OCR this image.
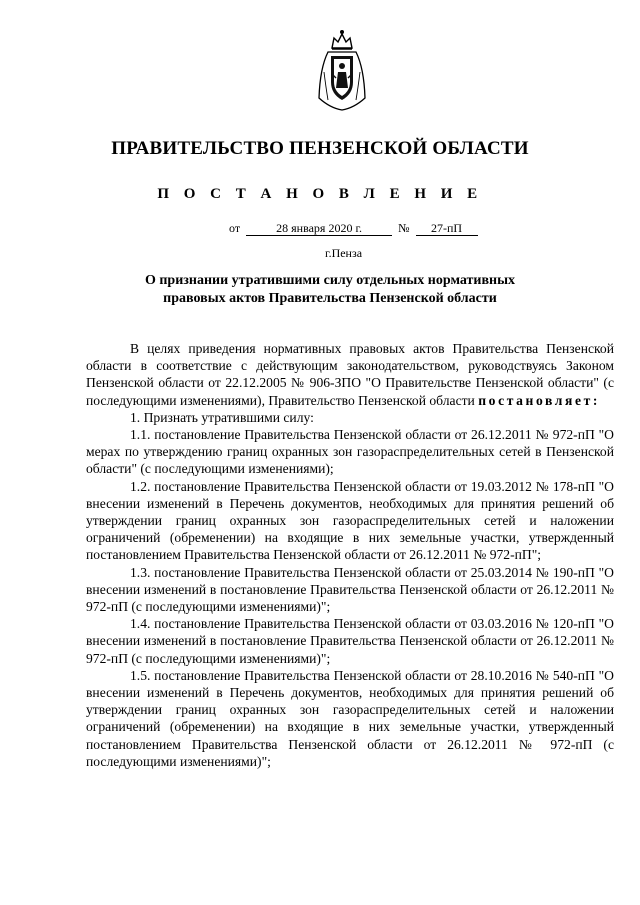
ПРАВИТЕЛЬСТВО ПЕНЗЕНСКОЙ ОБЛАСТИ
П О С Т А Н О В Л Е Н И Е
от	28 января 2020 г.	№ 27-пП
г.Пенза
О признании утратившими силу отдельных нормативных
правовых актов Правительства Пензенской области

В целях приведения нормативных правовых актов Правительства Пензенской области в соответствие с действующим законодательством, руководствуясь Законом Пензенской области от 22.12.2005 № 906-ЗПО "О Правительстве Пензенской области" (с последующими изменениями), Правительство Пензенской области постановляет:

1. Признать утратившими силу:

1.1. постановление Правительства Пензенской области от 26.12.2011 № 972-пП "О мерах по утверждению границ охранных зон газораспределительных сетей в Пензенской области" (с последующими изменениями);

1.2. постановление Правительства Пензенской области от 19.03.2012 № 178-пП "О внесении изменений в Перечень документов, необходимых для принятия решений об утверждении границ охранных зон газораспределительных сетей и наложении ограничений (обременении) на входящие в них земельные участки, утвержденный постановлением Правительства Пензенской области от 26.12.2011 № 972-пП";

1.3. постановление Правительства Пензенской области от 25.03.2014 № 190-пП "О внесении изменений в постановление Правительства Пензенской области от 26.12.2011 № 972-пП (с последующими изменениями)";

1.4. постановление Правительства Пензенской области от 03.03.2016 № 120-пП "О внесении изменений в постановление Правительства Пензенской области от 26.12.2011 № 972-пП (с последующими изменениями)";

1.5. постановление Правительства Пензенской области от 28.10.2016 № 540-пП "О внесении изменений в Перечень документов, необходимых для принятия решений об утверждении границ охранных зон газораспределительных сетей и наложении ограничений (обременении) на входящие в них земельные участки, утвержденный постановлением Правительства Пензенской области от 26.12.2011 № 972-пП (с последующими изменениями)";
